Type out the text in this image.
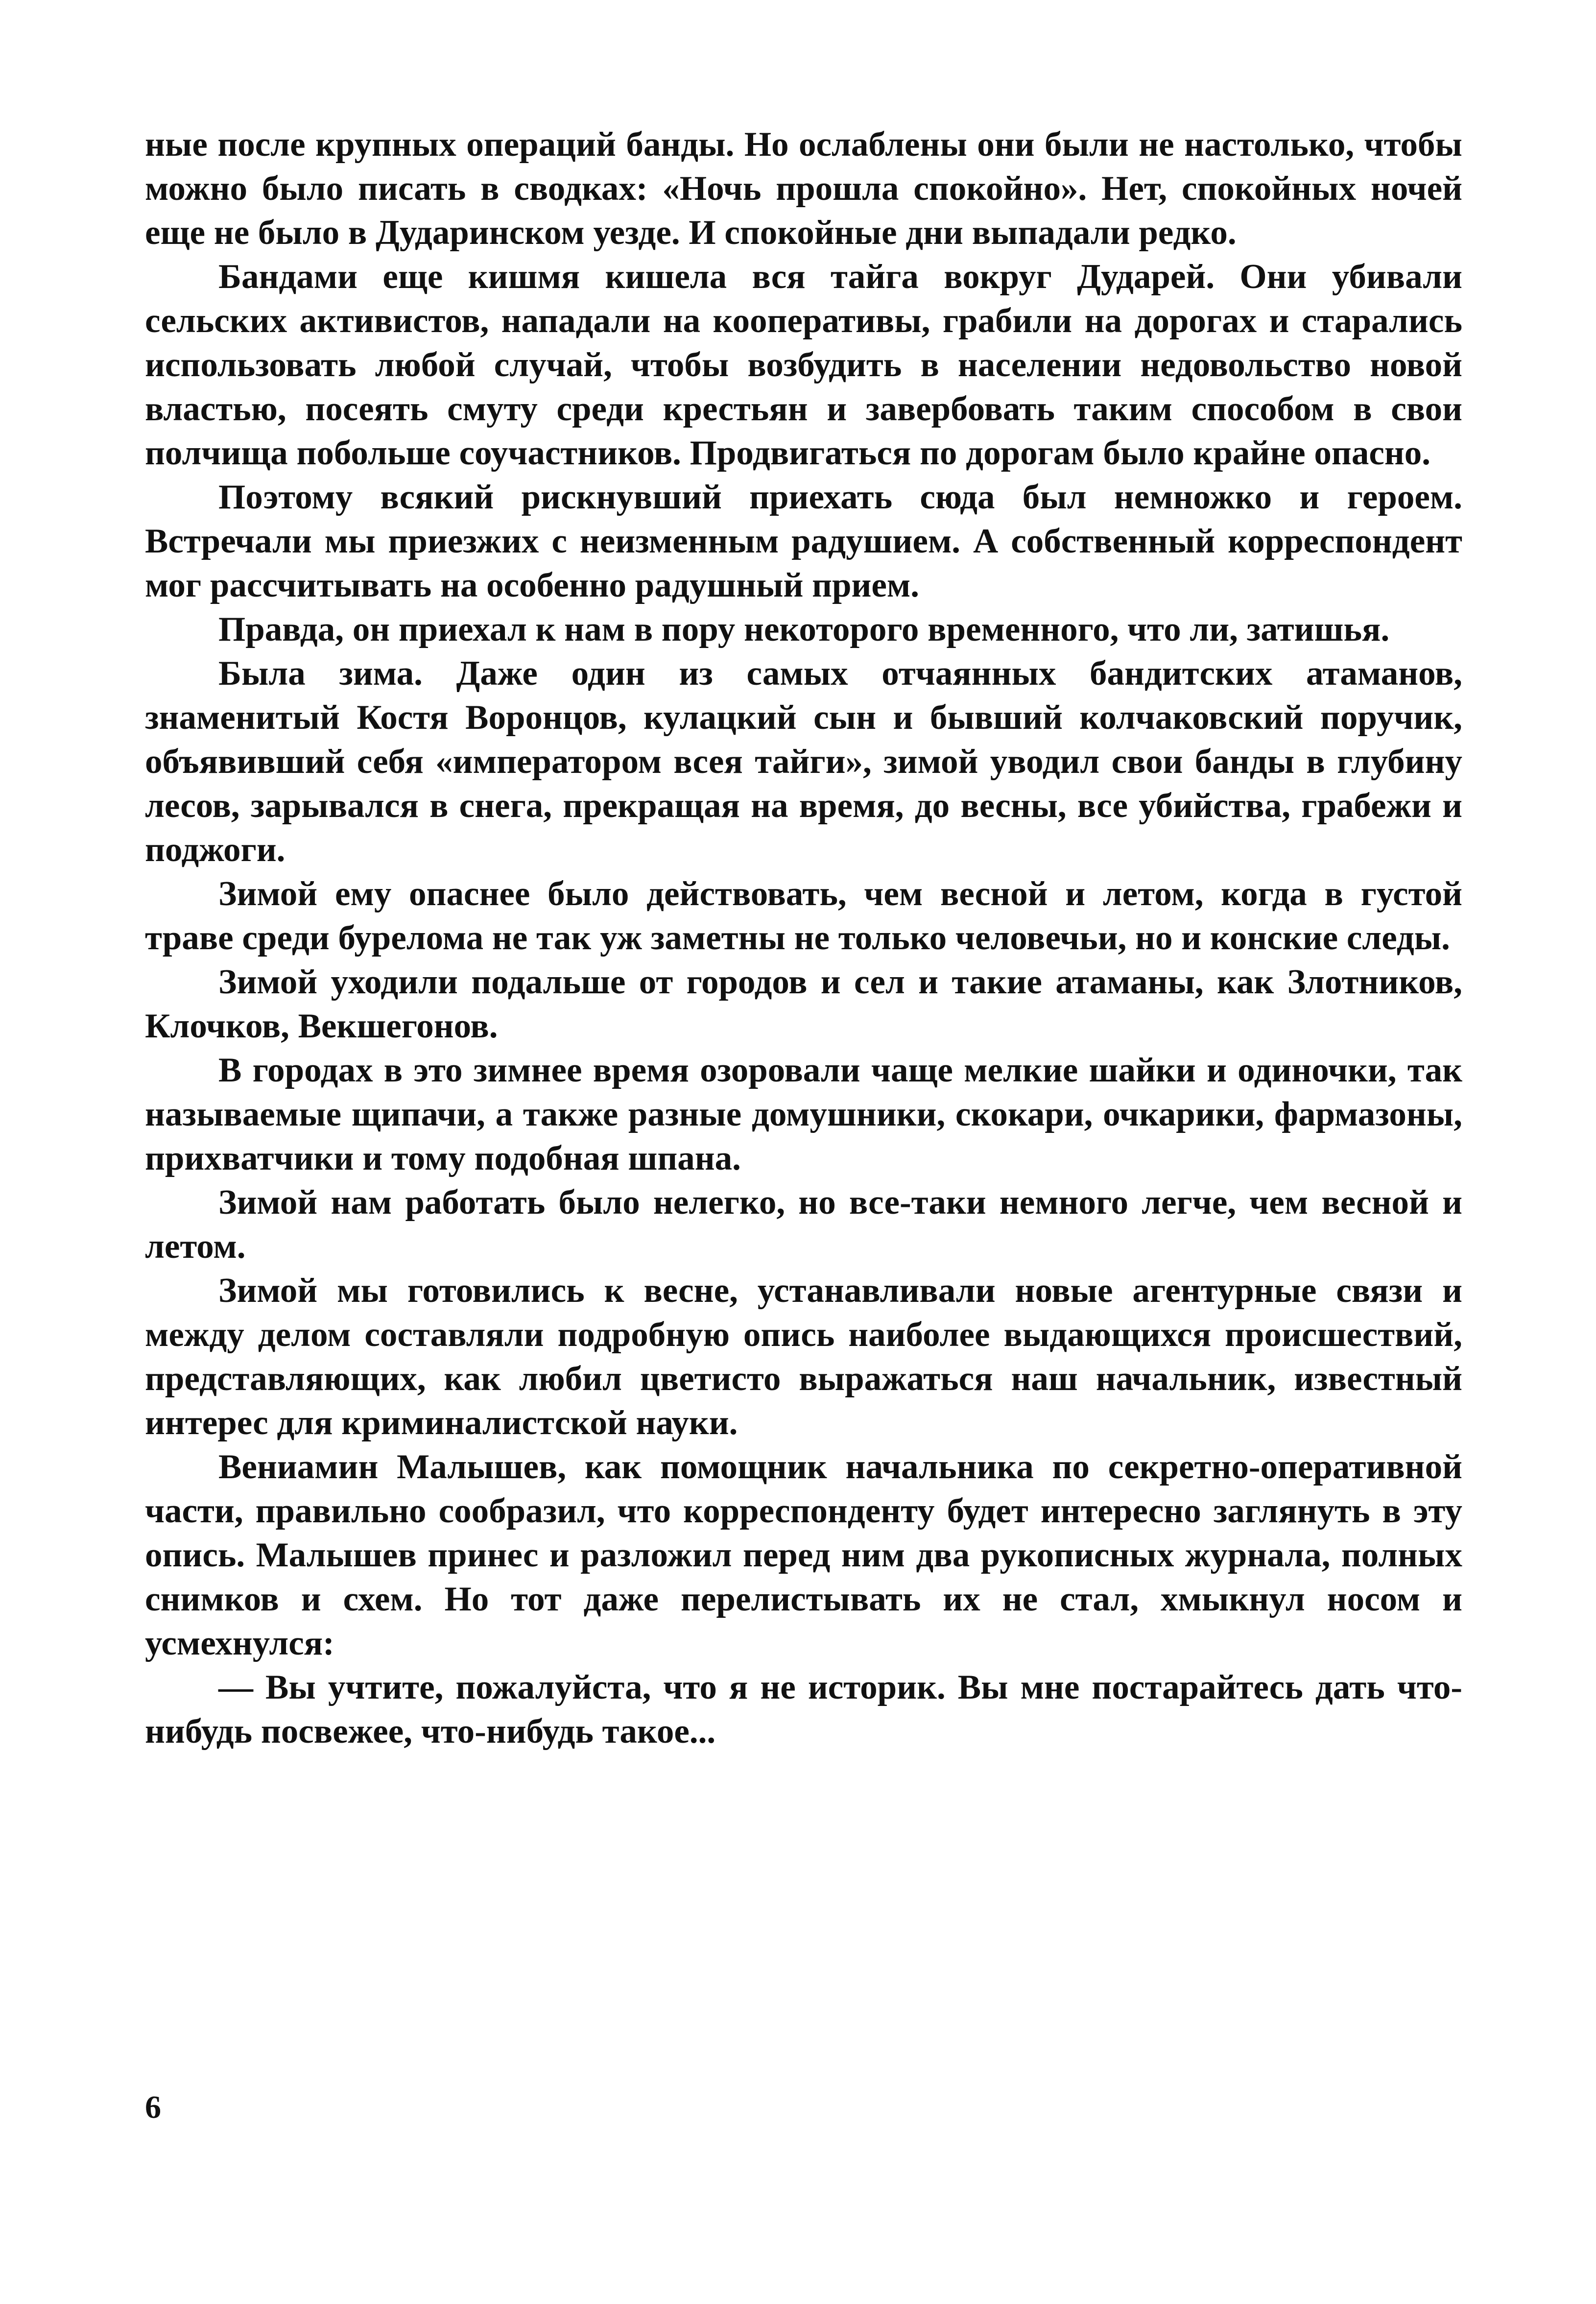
ные после крупных операций банды. Но ослаблены они были не настолько, чтобы можно было писать в сводках: «Ночь прошла спокойно». Нет, спокойных ночей еще не было в Дударинском уезде. И спокойные дни выпадали редко.

Бандами еще кишмя кишела вся тайга вокруг Дударей. Они убивали сельских активистов, нападали на кооперативы, грабили на дорогах и старались использовать любой случай, чтобы возбудить в населении недовольство новой властью, посеять смуту среди крестьян и завербовать таким способом в свои полчища побольше соучастников. Продвигаться по дорогам было крайне опасно.

Поэтому всякий рискнувший приехать сюда был немножко и героем. Встречали мы приезжих с неизменным радушием. А собственный корреспондент мог рассчитывать на особенно радушный прием.

Правда, он приехал к нам в пору некоторого временного, что ли, затишья.

Была зима. Даже один из самых отчаянных бандитских атаманов, знаменитый Костя Воронцов, кулацкий сын и бывший колчаковский поручик, объявивший себя «императором всея тайги», зимой уводил свои банды в глубину лесов, зарывался в снега, прекращая на время, до весны, все убийства, грабежи и поджоги.

Зимой ему опаснее было действовать, чем весной и летом, когда в густой траве среди бурелома не так уж заметны не только человечьи, но и конские следы.

Зимой уходили подальше от городов и сел и такие атаманы, как Злотников, Клочков, Векшегонов.

В городах в это зимнее время озоровали чаще мелкие шайки и одиночки, так называемые щипачи, а также разные домушники, скокари, очкарики, фармазоны, прихватчики и тому подобная шпана.

Зимой нам работать было нелегко, но все-таки немного легче, чем весной и летом.

Зимой мы готовились к весне, устанавливали новые агентурные связи и между делом составляли подробную опись наиболее выдающихся происшествий, представляющих, как любил цветисто выражаться наш начальник, известный интерес для криминалистской науки.

Вениамин Малышев, как помощник начальника по секретно-оперативной части, правильно сообразил, что корреспонденту будет интересно заглянуть в эту опись. Малышев принес и разложил перед ним два рукописных журнала, полных снимков и схем. Но тот даже перелистывать их не стал, хмыкнул носом и усмехнулся:

— Вы учтите, пожалуйста, что я не историк. Вы мне постарайтесь дать что-нибудь посвежее, что-нибудь такое...

6
